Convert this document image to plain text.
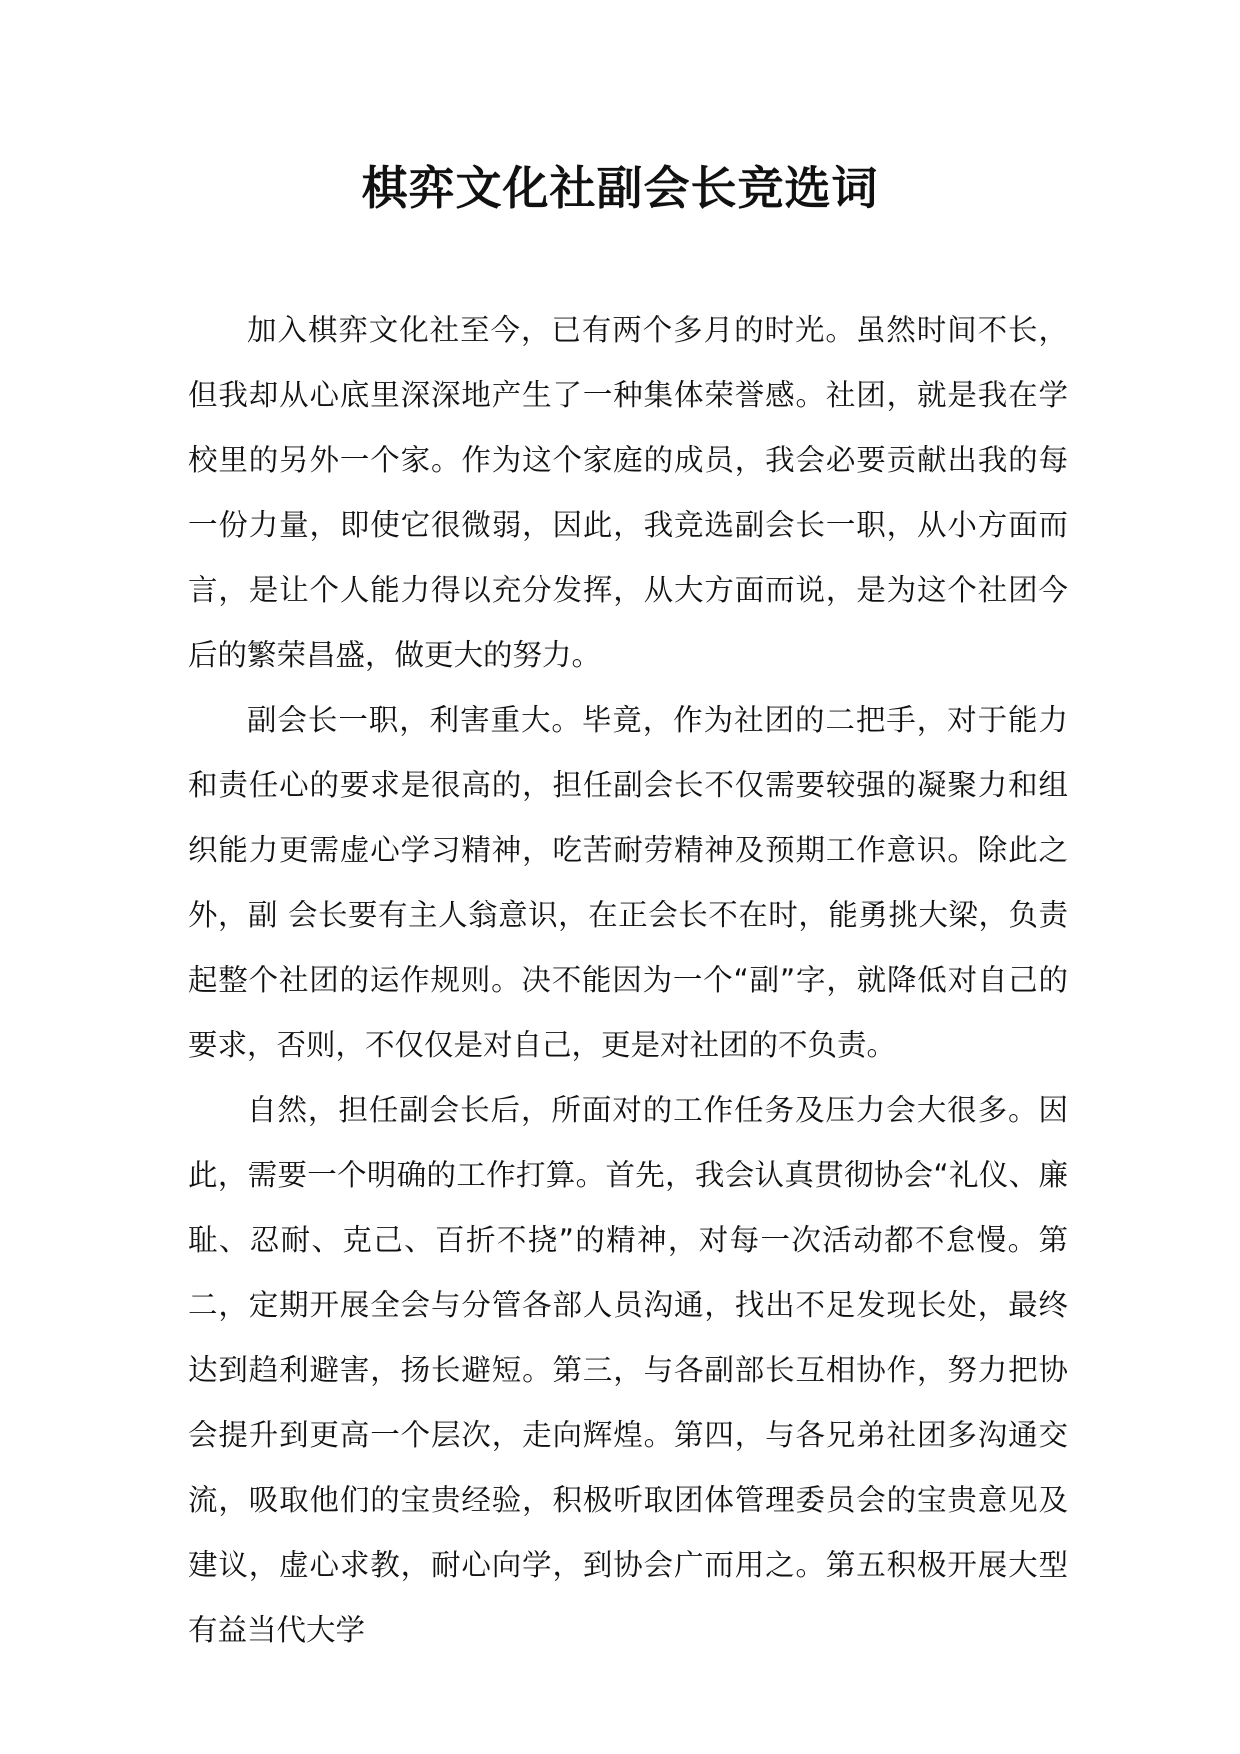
棋弈文化社副会长竞选词

加入棋弈文化社至今，已有两个多月的时光。虽然时间不长，但我却从心底里深深地产生了一种集体荣誉感。社团，就是我在学校里的另外一个家。作为这个家庭的成员，我会必要贡献出我的每一份力量，即使它很微弱，因此，我竞选副会长一职，从小方面而言，是让个人能力得以充分发挥，从大方面而说，是为这个社团今后的繁荣昌盛，做更大的努力。

副会长一职，利害重大。毕竟，作为社团的二把手，对于能力和责任心的要求是很高的，担任副会长不仅需要较强的凝聚力和组织能力更需虚心学习精神，吃苦耐劳精神及预期工作意识。除此之外，副 会长要有主人翁意识，在正会长不在时，能勇挑大梁，负责起整个社团的运作规则。决不能因为一个“副”字，就降低对自己的要求，否则，不仅仅是对自己，更是对社团的不负责。

自然，担任副会长后，所面对的工作任务及压力会大很多。因此，需要一个明确的工作打算。首先，我会认真贯彻协会“礼仪、廉耻、忍耐、克己、百折不挠”的精神，对每一次活动都不怠慢。第二，定期开展全会与分管各部人员沟通，找出不足发现长处，最终达到趋利避害，扬长避短。第三，与各副部长互相协作，努力把协会提升到更高一个层次，走向辉煌。第四，与各兄弟社团多沟通交流，吸取他们的宝贵经验，积极听取团体管理委员会的宝贵意见及建议，虚心求教，耐心向学，到协会广而用之。第五积极开展大型有益当代大学
